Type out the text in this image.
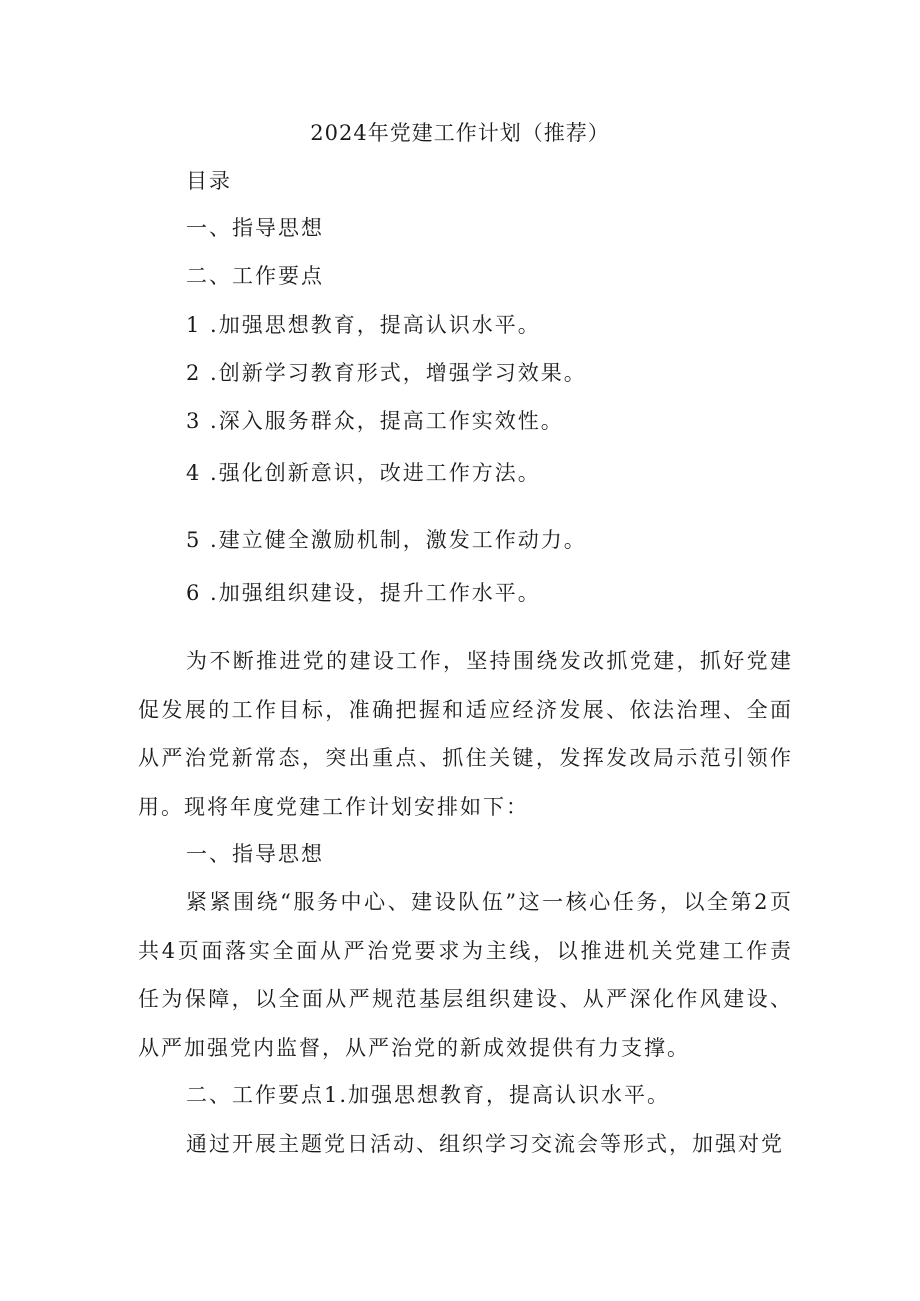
2024年党建工作计划（推荐）
目录
一、指导思想
二、工作要点
1 .加强思想教育，提高认识水平。
2 .创新学习教育形式，增强学习效果。
3 .深入服务群众，提高工作实效性。
4 .强化创新意识，改进工作方法。
5 .建立健全激励机制，激发工作动力。
6 .加强组织建设，提升工作水平。
为不断推进党的建设工作，坚持围绕发改抓党建，抓好党建促发展的工作目标，准确把握和适应经济发展、依法治理、全面从严治党新常态，突出重点、抓住关键，发挥发改局示范引领作用。现将年度党建工作计划安排如下：
一、指导思想
紧紧围绕“服务中心、建设队伍”这一核心任务，以全第2页共4页面落实全面从严治党要求为主线，以推进机关党建工作责任为保障，以全面从严规范基层组织建设、从严深化作风建设、从严加强党内监督，从严治党的新成效提供有力支撑。
二、工作要点1.加强思想教育，提高认识水平。
通过开展主题党日活动、组织学习交流会等形式，加强对党
